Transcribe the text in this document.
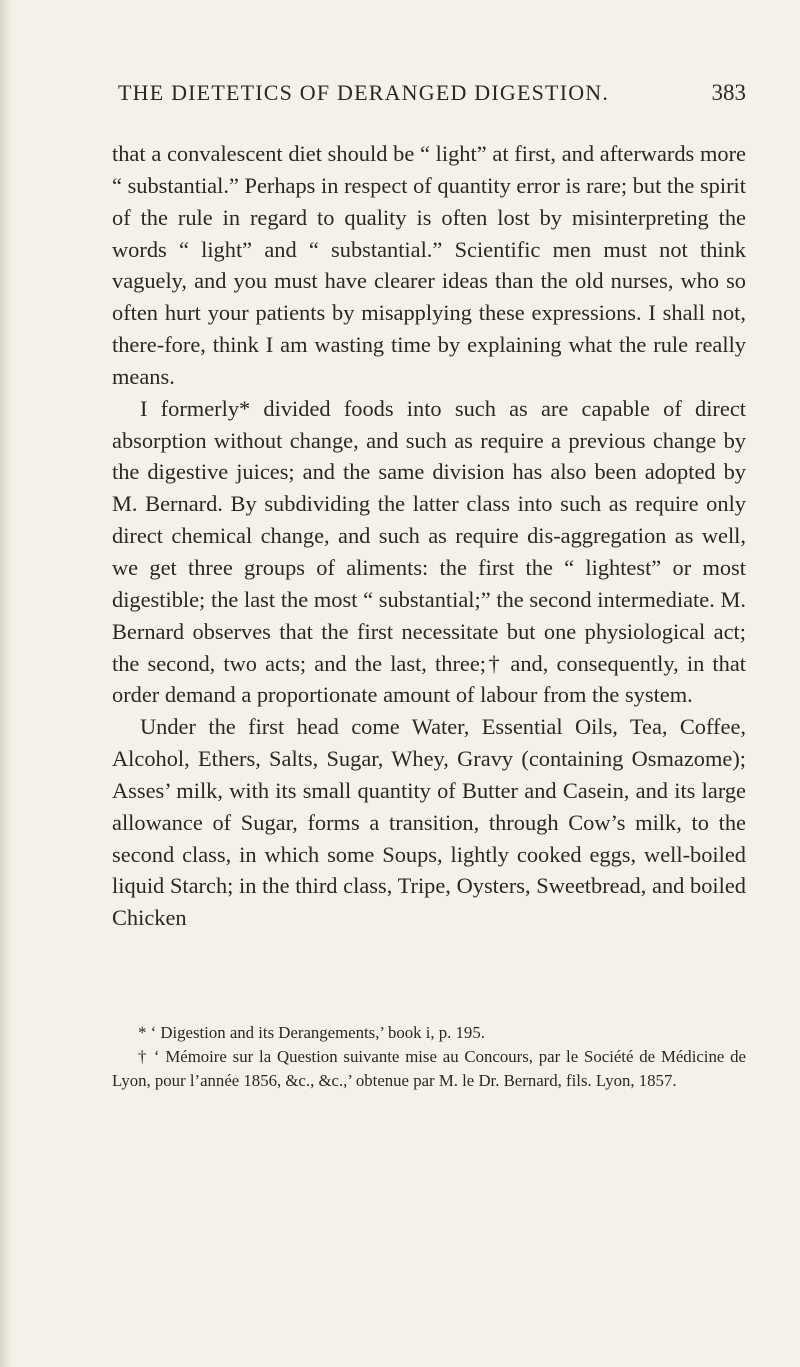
THE DIETETICS OF DERANGED DIGESTION.	383

that a convalescent diet should be “ light” at first, and afterwards more “ substantial.” Perhaps in respect of quantity error is rare; but the spirit of the rule in regard to quality is often lost by misinterpreting the words “ light” and “ substantial.” Scientific men must not think vaguely, and you must have clearer ideas than the old nurses, who so often hurt your patients by misapplying these expressions. I shall not, there-fore, think I am wasting time by explaining what the rule really means.

I formerly* divided foods into such as are capable of direct absorption without change, and such as require a previous change by the digestive juices; and the same division has also been adopted by M. Bernard. By subdividing the latter class into such as require only direct chemical change, and such as require dis-aggregation as well, we get three groups of aliments: the first the “ lightest” or most digestible; the last the most “ substantial;” the second intermediate. M. Bernard observes that the first necessitate but one physiological act; the second, two acts; and the last, three;† and, consequently, in that order demand a proportionate amount of labour from the system.

Under the first head come Water, Essential Oils, Tea, Coffee, Alcohol, Ethers, Salts, Sugar, Whey, Gravy (containing Osmazome); Asses’ milk, with its small quantity of Butter and Casein, and its large allowance of Sugar, forms a transition, through Cow’s milk, to the second class, in which some Soups, lightly cooked eggs, well-boiled liquid Starch; in the third class, Tripe, Oysters, Sweetbread, and boiled Chicken

* ‘ Digestion and its Derangements,’ book i, p. 195.

† ‘ Mémoire sur la Question suivante mise au Concours, par le Société de Médicine de Lyon, pour l’année 1856, &c., &c.,’ obtenue par M. le Dr. Bernard, fils. Lyon, 1857.
